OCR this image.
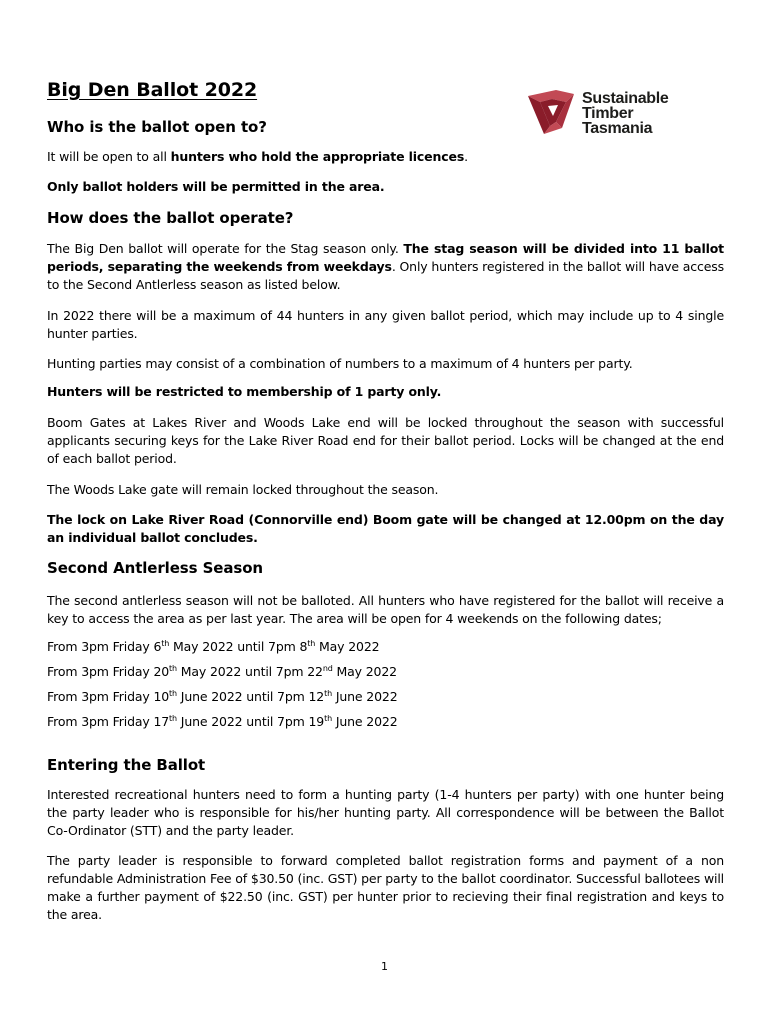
Big Den Ballot 2022	Sustainable
Timber
Tasmania
Who is the ballot open to?
It will be open to all hunters who hold the appropriate licences.
Only ballot holders will be permitted in the area.
How does the ballot operate?
The Big Den ballot will operate for the Stag season only. The stag season will be divided into 11 ballot periods, separating the weekends from weekdays. Only hunters registered in the ballot will have access to the Second Antlerless season as listed below.
In 2022 there will be a maximum of 44 hunters in any given ballot period, which may include up to 4 single hunter parties.
Hunting parties may consist of a combination of numbers to a maximum of 4 hunters per party.
Hunters will be restricted to membership of 1 party only.
Boom Gates at Lakes River and Woods Lake end will be locked throughout the season with successful applicants securing keys for the Lake River Road end for their ballot period. Locks will be changed at the end of each ballot period.
The Woods Lake gate will remain locked throughout the season.
The lock on Lake River Road (Connorville end) Boom gate will be changed at 12.00pm on the day an individual ballot concludes.
Second Antlerless Season
The second antlerless season will not be balloted. All hunters who have registered for the ballot will receive a key to access the area as per last year. The area will be open for 4 weekends on the following dates;
From 3pm Friday 6th May 2022 until 7pm 8th May 2022
From 3pm Friday 20th May 2022 until 7pm 22nd May 2022
From 3pm Friday 10th June 2022 until 7pm 12th June 2022
From 3pm Friday 17th June 2022 until 7pm 19th June 2022
Entering the Ballot
Interested recreational hunters need to form a hunting party (1-4 hunters per party) with one hunter being the party leader who is responsible for his/her hunting party. All correspondence will be between the Ballot Co-Ordinator (STT) and the party leader.
The party leader is responsible to forward completed ballot registration forms and payment of a non refundable Administration Fee of $30.50 (inc. GST) per party to the ballot coordinator. Successful ballotees will make a further payment of $22.50 (inc. GST) per hunter prior to recieving their final registration and keys to the area.
1
